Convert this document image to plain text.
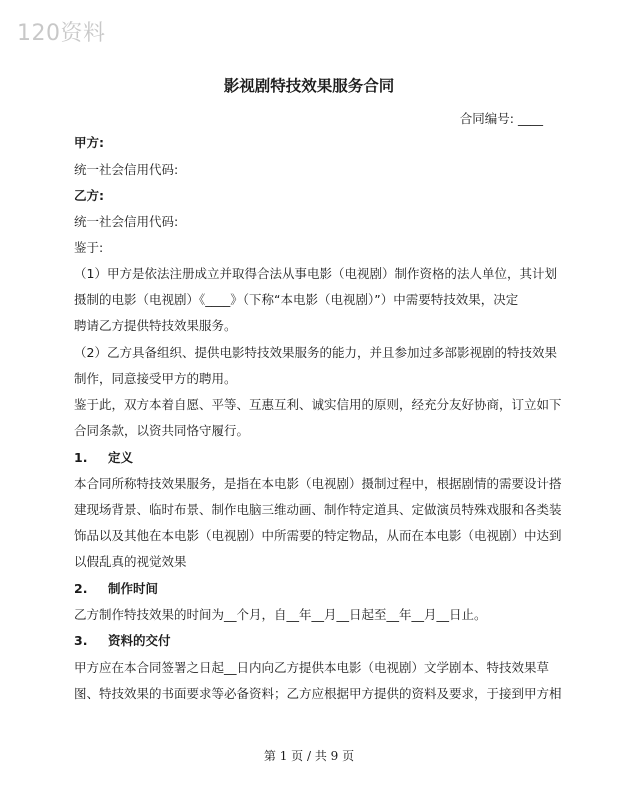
120资料
影视剧特技效果服务合同
合同编号: ____
甲方:
统一社会信用代码:
乙方:
统一社会信用代码:
鉴于:
（1）甲方是依法注册成立并取得合法从事电影（电视剧）制作资格的法人单位，其计划
摄制的电影（电视剧）《____》（下称“本电影（电视剧）”）中需要特技效果，决定
聘请乙方提供特技效果服务。
（2）乙方具备组织、提供电影特技效果服务的能力，并且参加过多部影视剧的特技效果
制作，同意接受甲方的聘用。
鉴于此，双方本着自愿、平等、互惠互利、诚实信用的原则，经充分友好协商，订立如下
合同条款，以资共同恪守履行。
1. 定义
本合同所称特技效果服务，是指在本电影（电视剧）摄制过程中，根据剧情的需要设计搭
建现场背景、临时布景、制作电脑三维动画、制作特定道具、定做演员特殊戏服和各类装
饰品以及其他在本电影（电视剧）中所需要的特定物品，从而在本电影（电视剧）中达到
以假乱真的视觉效果
2. 制作时间
乙方制作特技效果的时间为__个月，自__年__月__日起至__年__月__日止。
3. 资料的交付
甲方应在本合同签署之日起__日内向乙方提供本电影（电视剧）文学剧本、特技效果草
图、特技效果的书面要求等必备资料；乙方应根据甲方提供的资料及要求，于接到甲方相
第 1 页 / 共 9 页
